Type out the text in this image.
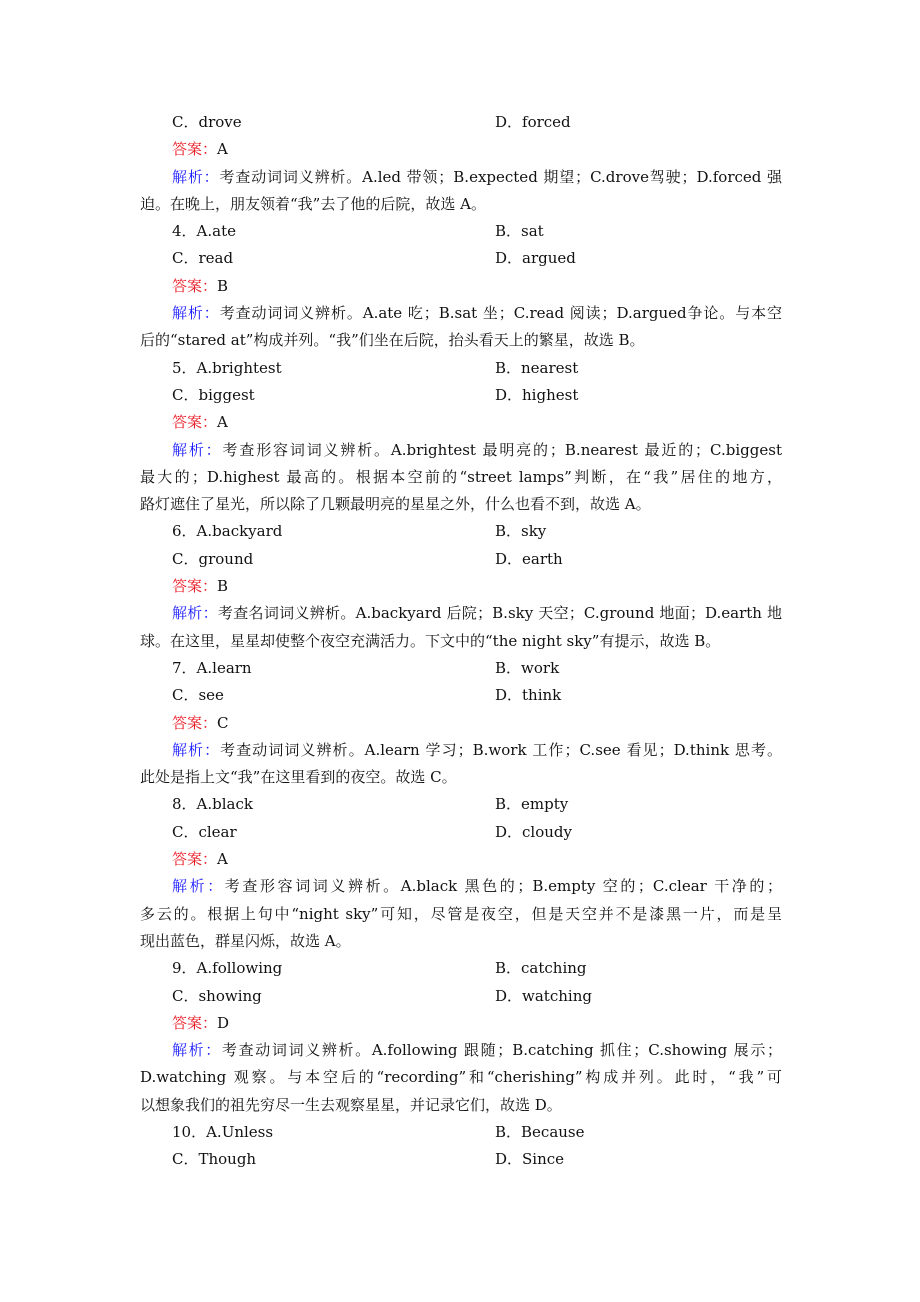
C．drove	D．forced
答案：A
解析：考查动词词义辨析。A.led 带领；B.expected 期望；C.drove驾驶；D.forced 强
迫。在晚上，朋友领着“我”去了他的后院，故选 A。
4．A.ate	B．sat
C．read	D．argued
答案：B
解析：考查动词词义辨析。A.ate 吃；B.sat 坐；C.read 阅读；D.argued争论。与本空
后的“stared at”构成并列。“我”们坐在后院，抬头看天上的繁星，故选 B。
5．A.brightest	B．nearest
C．biggest	D．highest
答案：A
解析：考查形容词词义辨析。A.brightest 最明亮的；B.nearest 最近的；C.biggest
最大的；D.highest 最高的。根据本空前的“street lamps”判断，在“我”居住的地方，
路灯遮住了星光，所以除了几颗最明亮的星星之外，什么也看不到，故选 A。
6．A.backyard	B．sky
C．ground	D．earth
答案：B
解析：考查名词词义辨析。A.backyard 后院；B.sky 天空；C.ground 地面；D.earth 地
球。在这里，星星却使整个夜空充满活力。下文中的“the night sky”有提示，故选 B。
7．A.learn	B．work
C．see	D．think
答案：C
解析：考查动词词义辨析。A.learn 学习；B.work 工作；C.see 看见；D.think 思考。
此处是指上文“我”在这里看到的夜空。故选 C。
8．A.black	B．empty
C．clear	D．cloudy
答案：A
解析：考查形容词词义辨析。A.black 黑色的；B.empty 空的；C.clear 干净的；
多云的。根据上句中“night sky”可知，尽管是夜空，但是天空并不是漆黑一片，而是呈
现出蓝色，群星闪烁，故选 A。
9．A.following	B．catching
C．showing	D．watching
答案：D
解析：考查动词词义辨析。A.following 跟随；B.catching 抓住；C.showing 展示；
D.watching 观察。与本空后的“recording”和“cherishing”构成并列。此时，“我”可
以想象我们的祖先穷尽一生去观察星星，并记录它们，故选 D。
10．A.Unless	B．Because
C．Though	D．Since
